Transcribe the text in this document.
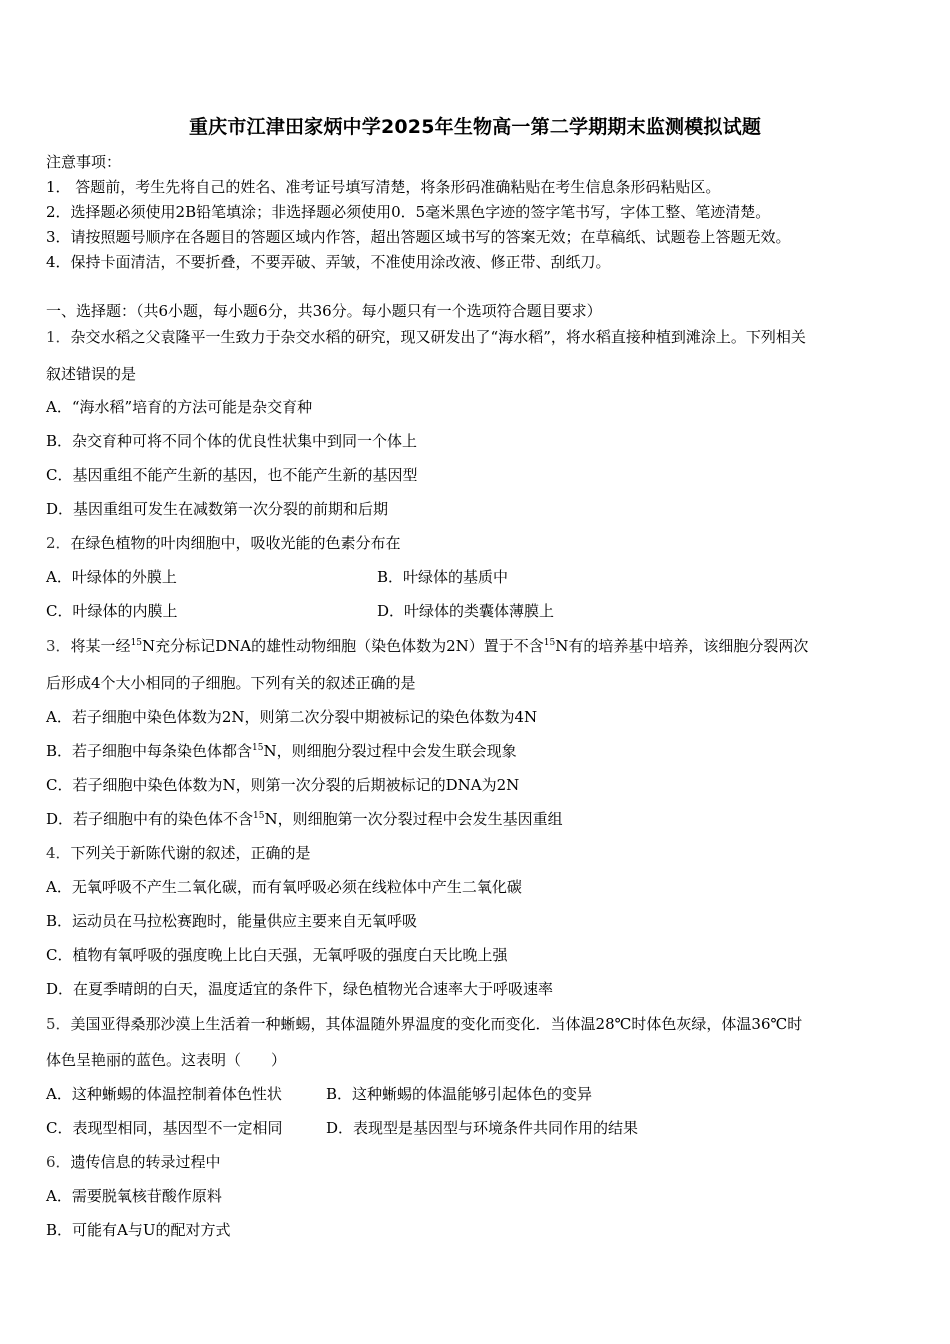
重庆市江津田家炳中学2025年生物高一第二学期期末监测模拟试题
注意事项：
1． 答题前，考生先将自己的姓名、准考证号填写清楚，将条形码准确粘贴在考生信息条形码粘贴区。
2．选择题必须使用2B铅笔填涂；非选择题必须使用0．5毫米黑色字迹的签字笔书写，字体工整、笔迹清楚。
3．请按照题号顺序在各题目的答题区域内作答，超出答题区域书写的答案无效；在草稿纸、试题卷上答题无效。
4．保持卡面清洁，不要折叠，不要弄破、弄皱，不准使用涂改液、修正带、刮纸刀。
一、选择题：（共6小题，每小题6分，共36分。每小题只有一个选项符合题目要求）
1．杂交水稻之父袁隆平一生致力于杂交水稻的研究，现又研发出了“海水稻”，将水稻直接种植到滩涂上。下列相关
叙述错误的是
A．“海水稻”培育的方法可能是杂交育种
B．杂交育种可将不同个体的优良性状集中到同一个体上
C．基因重组不能产生新的基因，也不能产生新的基因型
D．基因重组可发生在减数第一次分裂的前期和后期
2．在绿色植物的叶肉细胞中，吸收光能的色素分布在
A．叶绿体的外膜上	B．叶绿体的基质中
C．叶绿体的内膜上	D．叶绿体的类囊体薄膜上
3．将某一经$^{15}$N充分标记DNA的雄性动物细胞（染色体数为2N）置于不含$^{15}$N有的培养基中培养，该细胞分裂两次
后形成4个大小相同的子细胞。下列有关的叙述正确的是
A．若子细胞中染色体数为2N，则第二次分裂中期被标记的染色体数为4N
B．若子细胞中每条染色体都含$^{15}$N，则细胞分裂过程中会发生联会现象
C．若子细胞中染色体数为N，则第一次分裂的后期被标记的DNA为2N
D．若子细胞中有的染色体不含$^{15}$N，则细胞第一次分裂过程中会发生基因重组
4．下列关于新陈代谢的叙述，正确的是
A．无氧呼吸不产生二氧化碳，而有氧呼吸必须在线粒体中产生二氧化碳
B．运动员在马拉松赛跑时，能量供应主要来自无氧呼吸
C．植物有氧呼吸的强度晚上比白天强，无氧呼吸的强度白天比晚上强
D．在夏季晴朗的白天，温度适宜的条件下，绿色植物光合速率大于呼吸速率
5．美国亚得桑那沙漠上生活着一种蜥蜴，其体温随外界温度的变化而变化．当体温28℃时体色灰绿，体温36℃时
体色呈艳丽的蓝色。这表明（　　）
A．这种蜥蜴的体温控制着体色性状	B．这种蜥蜴的体温能够引起体色的变异
C．表现型相同，基因型不一定相同	D．表现型是基因型与环境条件共同作用的结果
6．遗传信息的转录过程中
A．需要脱氧核苷酸作原料
B．可能有A与U的配对方式
